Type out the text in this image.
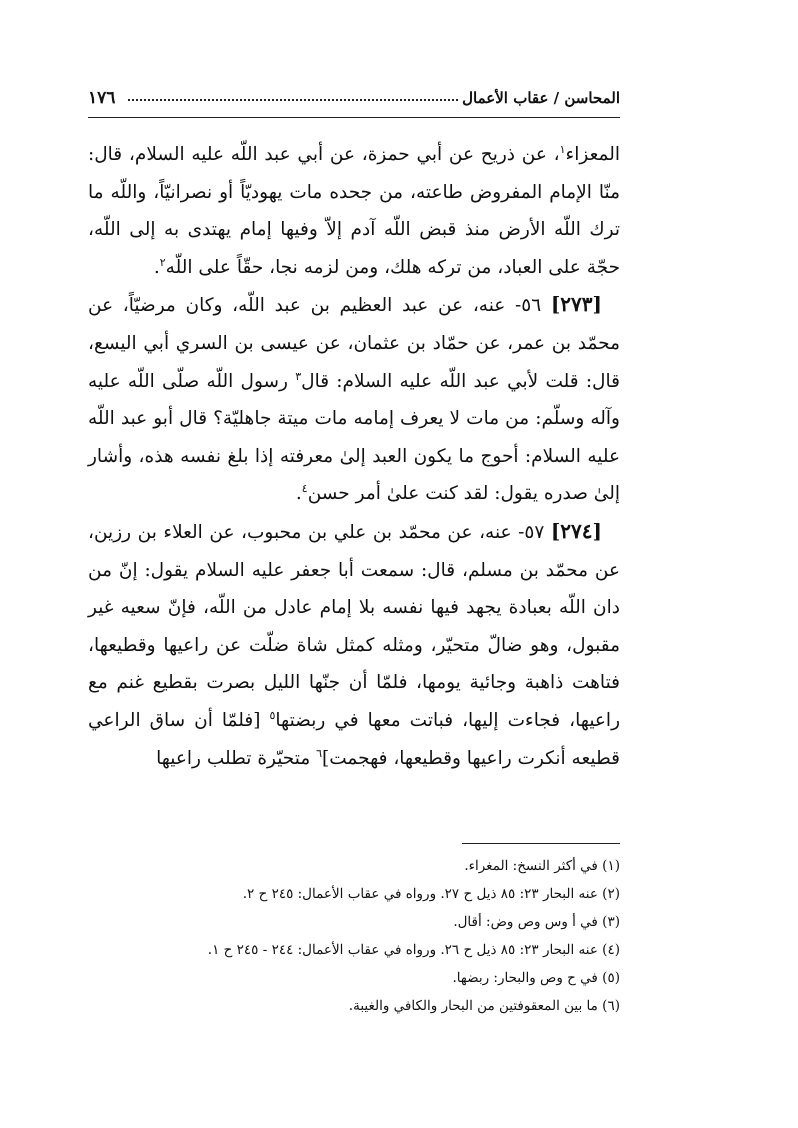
المحاسن / عقاب الأعمال
١٧٦

المعزاء$^١$، عن ذريح عن أبي حمزة، عن أبي عبد اللّه عليه السلام، قال: منّا الإمام المفروض طاعته، من جحده مات يهوديّاً أو نصرانيّاً، واللّه ما ترك اللّه الأرض منذ قبض اللّه آدم إلاّ وفيها إمام يهتدى به إلى اللّه، حجّة على العباد، من تركه هلك، ومن لزمه نجا، حقّاً على اللّه$^٢$.

[٢٧٣] ٥٦- عنه، عن عبد العظيم بن عبد اللّه، وكان مرضيّاً، عن محمّد بن عمر، عن حمّاد بن عثمان، عن عيسى بن السري أبي اليسع، قال: قلت لأبي عبد اللّه عليه السلام: قال$^٣$ رسول اللّه صلّى اللّه عليه وآله وسلّم: من مات لا يعرف إمامه مات ميتة جاهليّة؟ قال أبو عبد اللّه عليه السلام: أحوج ما يكون العبد إلىٰ معرفته إذا بلغ نفسه هذه، وأشار إلىٰ صدره يقول: لقد كنت علىٰ أمر حسن$^٤$.

[٢٧٤] ٥٧- عنه، عن محمّد بن علي بن محبوب، عن العلاء بن رزين، عن محمّد بن مسلم، قال: سمعت أبا جعفر عليه السلام يقول: إنّ من دان اللّه بعبادة يجهد فيها نفسه بلا إمام عادل من اللّه، فإنّ سعيه غير مقبول، وهو ضالّ متحيّر، ومثله كمثل شاة ضلّت عن راعيها وقطيعها، فتاهت ذاهبة وجائية يومها، فلمّا أن جنّها الليل بصرت بقطيع غنم مع راعيها، فجاءت إليها، فباتت معها في ربضتها$^٥$ [فلمّا أن ساق الراعي قطيعه أنكرت راعيها وقطيعها، فهجمت]$^٦$ متحيّرة تطلب راعيها

(١) في أكثر النسخ: المغراء.
(٢) عنه البحار ٢٣: ٨٥ ذيل ح ٢٧. ورواه في عقاب الأعمال: ٢٤٥ ح ٢.
(٣) في أ وس وص وض: أقال.
(٤) عنه البحار ٢٣: ٨٥ ذيل ح ٢٦. ورواه في عقاب الأعمال: ٢٤٤ - ٢٤٥ ح ١.
(٥) في ح وص والبحار: ربضها.
(٦) ما بين المعقوفتين من البحار والكافي والغيبة.
